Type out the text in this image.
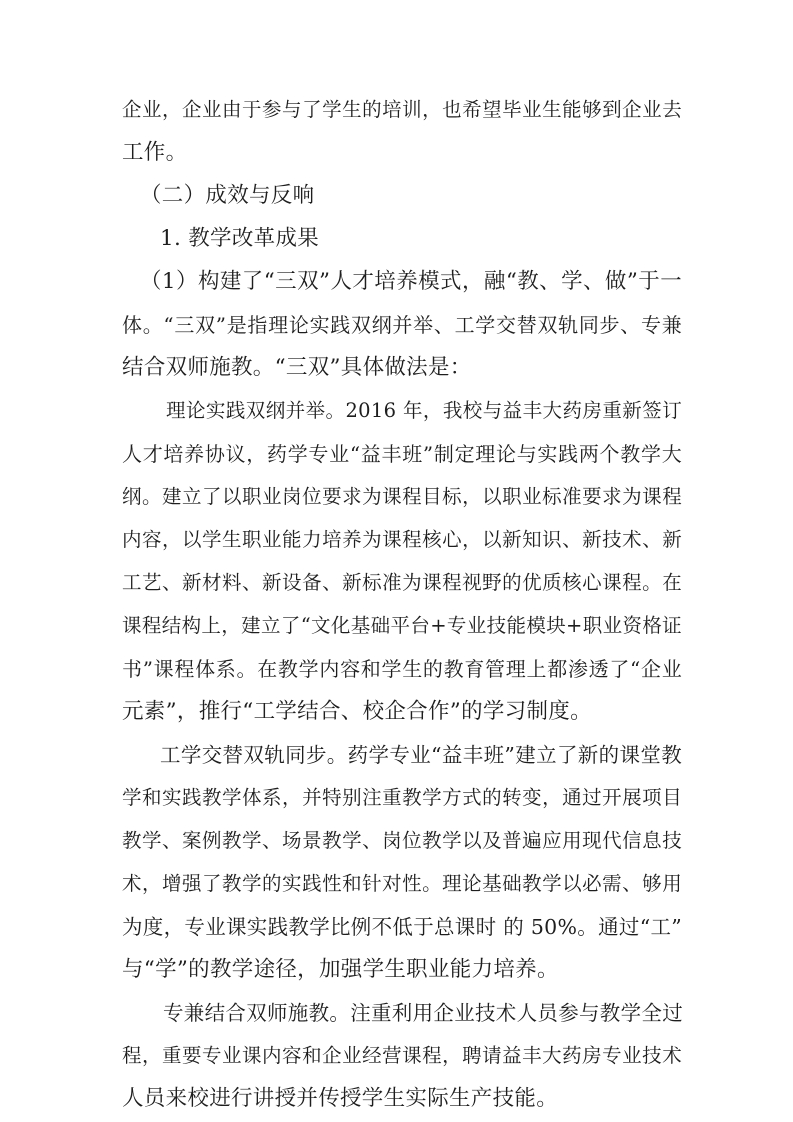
企业，企业由于参与了学生的培训，也希望毕业生能够到企业去
工作。
（二）成效与反响
1. 教学改革成果
（1）构建了“三双”人才培养模式，融“教、学、做”于一
体。“三双”是指理论实践双纲并举、工学交替双轨同步、专兼
结合双师施教。“三双”具体做法是：
理论实践双纲并举。2016 年，我校与益丰大药房重新签订
人才培养协议，药学专业“益丰班”制定理论与实践两个教学大
纲。建立了以职业岗位要求为课程目标，以职业标准要求为课程
内容，以学生职业能力培养为课程核心，以新知识、新技术、新
工艺、新材料、新设备、新标准为课程视野的优质核心课程。在
课程结构上，建立了“文化基础平台+专业技能模块+职业资格证
书”课程体系。在教学内容和学生的教育管理上都渗透了“企业
元素”，推行“工学结合、校企合作”的学习制度。
工学交替双轨同步。药学专业“益丰班”建立了新的课堂教
学和实践教学体系，并特别注重教学方式的转变，通过开展项目
教学、案例教学、场景教学、岗位教学以及普遍应用现代信息技
术，增强了教学的实践性和针对性。理论基础教学以必需、够用
为度，专业课实践教学比例不低于总课时 的 50%。通过“工”
与“学”的教学途径，加强学生职业能力培养。
专兼结合双师施教。注重利用企业技术人员参与教学全过
程，重要专业课内容和企业经营课程，聘请益丰大药房专业技术
人员来校进行讲授并传授学生实际生产技能。
